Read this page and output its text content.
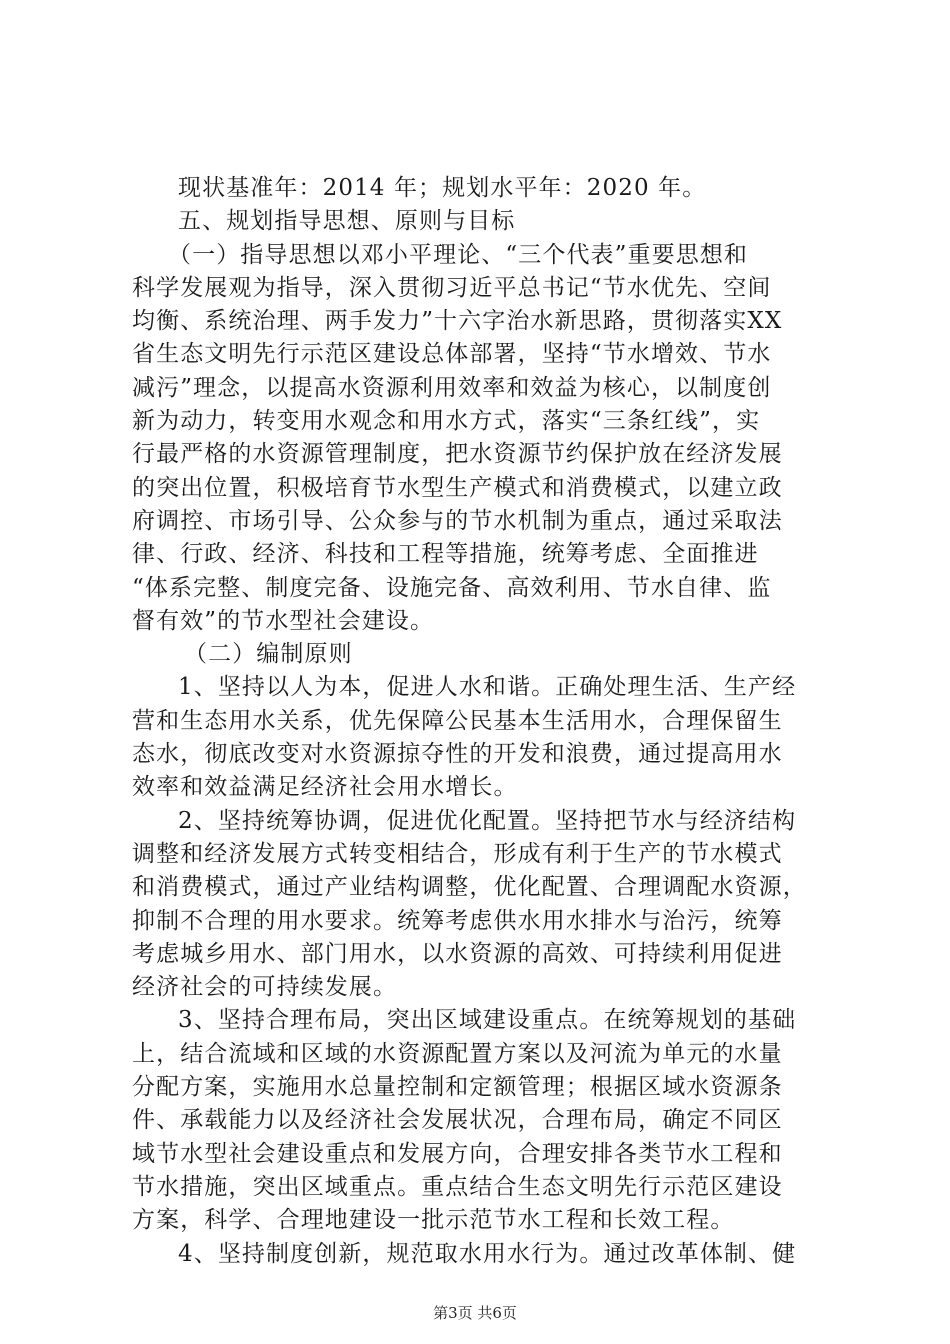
现状基准年：2014 年；规划水平年：2020 年。
五、规划指导思想、原则与目标
（一）指导思想以邓小平理论、“三个代表”重要思想和
科学发展观为指导，深入贯彻习近平总书记“节水优先、空间
均衡、系统治理、两手发力”十六字治水新思路，贯彻落实XX
省生态文明先行示范区建设总体部署，坚持“节水增效、节水
减污”理念，以提高水资源利用效率和效益为核心，以制度创
新为动力，转变用水观念和用水方式，落实“三条红线”，实
行最严格的水资源管理制度，把水资源节约保护放在经济发展
的突出位置，积极培育节水型生产模式和消费模式，以建立政
府调控、市场引导、公众参与的节水机制为重点，通过采取法
律、行政、经济、科技和工程等措施，统筹考虑、全面推进
“体系完整、制度完备、设施完备、高效利用、节水自律、监
督有效”的节水型社会建设。
（二）编制原则
1、坚持以人为本，促进人水和谐。正确处理生活、生产经
营和生态用水关系，优先保障公民基本生活用水，合理保留生
态水，彻底改变对水资源掠夺性的开发和浪费，通过提高用水
效率和效益满足经济社会用水增长。
2、坚持统筹协调，促进优化配置。坚持把节水与经济结构
调整和经济发展方式转变相结合，形成有利于生产的节水模式
和消费模式，通过产业结构调整，优化配置、合理调配水资源，
抑制不合理的用水要求。统筹考虑供水用水排水与治污，统筹
考虑城乡用水、部门用水，以水资源的高效、可持续利用促进
经济社会的可持续发展。
3、坚持合理布局，突出区域建设重点。在统筹规划的基础
上，结合流域和区域的水资源配置方案以及河流为单元的水量
分配方案，实施用水总量控制和定额管理；根据区域水资源条
件、承载能力以及经济社会发展状况，合理布局，确定不同区
域节水型社会建设重点和发展方向，合理安排各类节水工程和
节水措施，突出区域重点。重点结合生态文明先行示范区建设
方案，科学、合理地建设一批示范节水工程和长效工程。
4、坚持制度创新，规范取水用水行为。通过改革体制、健
第3页 共6页
